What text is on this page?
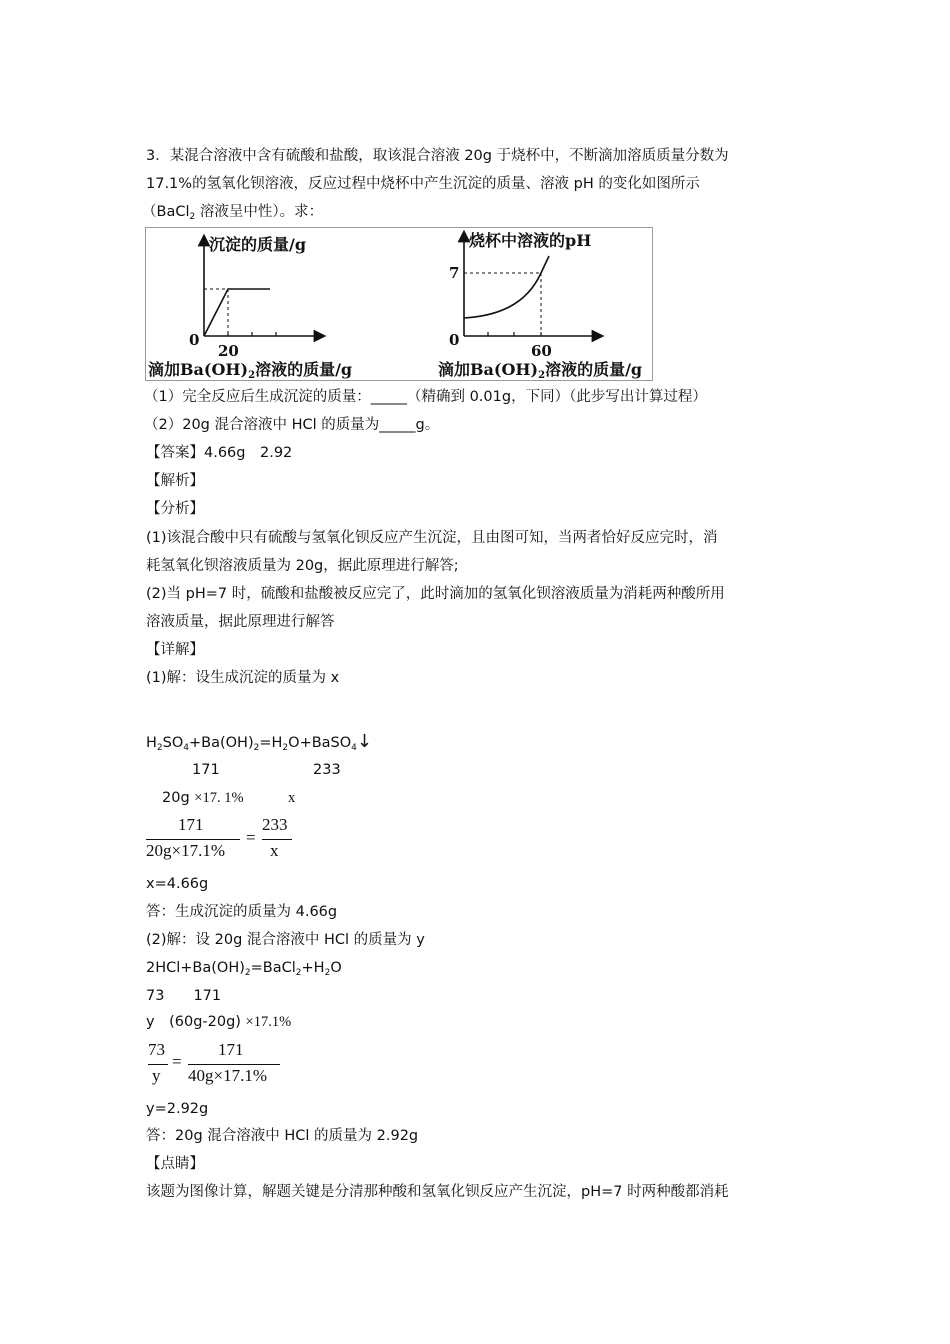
3．某混合溶液中含有硫酸和盐酸，取该混合溶液 20g 于烧杯中，不断滴加溶质质量分数为
17.1%的氢氧化钡溶液，反应过程中烧杯中产生沉淀的质量、溶液 pH 的变化如图所示
（BaCl$_2$ 溶液呈中性）。求：
（1）完全反应后生成沉淀的质量：_____（精确到 0.01g，下同）（此步写出计算过程）
（2）20g 混合溶液中 HCl 的质量为_____g。
【答案】4.66g　2.92
【解析】
【分析】
(1)该混合酸中只有硫酸与氢氧化钡反应产生沉淀，且由图可知，当两者恰好反应完时，消
耗氢氧化钡溶液质量为 20g，据此原理进行解答;
(2)当 pH=7 时，硫酸和盐酸被反应完了，此时滴加的氢氧化钡溶液质量为消耗两种酸所用
溶液质量，据此原理进行解答
【详解】
(1)解：设生成沉淀的质量为 x
$H_2SO_4+Ba(OH)_2=H_2O+BaSO_4↓$
171	233
20g ×17. 1%	x
171
20g×17.1%
=
233
x
x=4.66g
答：生成沉淀的质量为 4.66g
(2)解：设 20g 混合溶液中 HCl 的质量为 y
$2HCl+Ba(OH)_2=BaCl_2+H_2O$
73　　171
y　(60g-20g) ×17.1%
73
y
=
171
40g×17.1%
y=2.92g
答：20g 混合溶液中 HCl 的质量为 2.92g
【点睛】
该题为图像计算，解题关键是分清那种酸和氢氧化钡反应产生沉淀，pH=7 时两种酸都消耗
沉淀的质量/g
0
20
滴加Ba(OH)2溶液的质量/g
烧杯中溶液的pH
7
0
60
滴加Ba(OH)2溶液的质量/g
